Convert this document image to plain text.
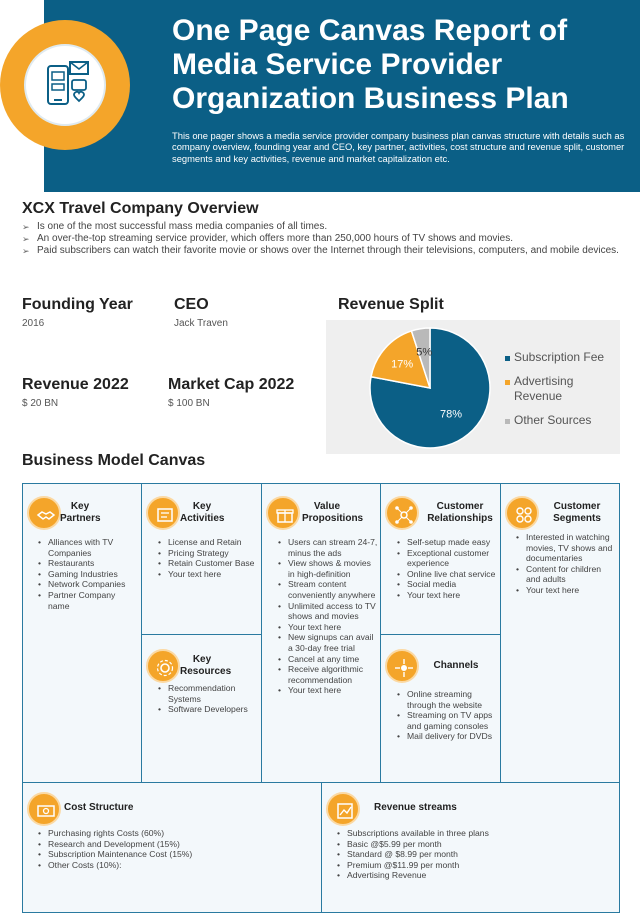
One Page Canvas Report of Media Service Provider Organization Business Plan
This one pager shows a media service provider company business plan canvas structure with details such as company overview, founding year and CEO, key partner, activities, cost structure and revenue split, customer segments and key activities, revenue and market capitalization etc.
XCX Travel Company Overview
➢ Is one of the most successful mass media companies of all times.
➢ An over-the-top streaming service provider, which offers more than 250,000 hours of TV shows and movies.
➢ Paid subscribers can watch their favorite movie or shows over the Internet through their televisions, computers, and mobile devices.
Founding Year
2016
CEO
Jack Traven
Revenue 2022
$ 20 BN
Market Cap 2022
$ 100 BN
Revenue Split
78%
17%
5%	Subscription Fee
Advertising Revenue
Other Sources
Business Model Canvas
Key
Partners
• Alliances with TV Companies
• Restaurants
• Gaming Industries
• Network Companies
• Partner Company name
Key
Activities
• License and Retain
• Pricing Strategy
• Retain Customer Base
• Your text here
Value
Propositions
• Users can stream 24-7, minus the ads
• View shows & movies in high-definition
• Stream content conveniently anywhere
• Unlimited access to TV shows and movies
• Your text here
• New signups can avail a 30-day free trial
• Cancel at any time
• Receive algorithmic recommendation
• Your text here
Customer
Relationships
• Self-setup made easy
• Exceptional customer experience
• Online live chat service
• Social media
• Your text here
Customer
Segments
• Interested in watching movies, TV shows and documentaries
• Content for children and adults
• Your text here
Key
Resources
• Recommendation Systems
• Software Developers
Channels
• Online streaming through the website
• Streaming on TV apps and gaming consoles
• Mail delivery for DVDs
Cost Structure
• Purchasing rights Costs (60%)
• Research and Development (15%)
• Subscription Maintenance Cost (15%)
• Other Costs (10%):
Revenue streams
• Subscriptions available in three plans
• Basic @$5.99 per month
• Standard @ $8.99 per month
• Premium @$11.99 per month
• Advertising Revenue
